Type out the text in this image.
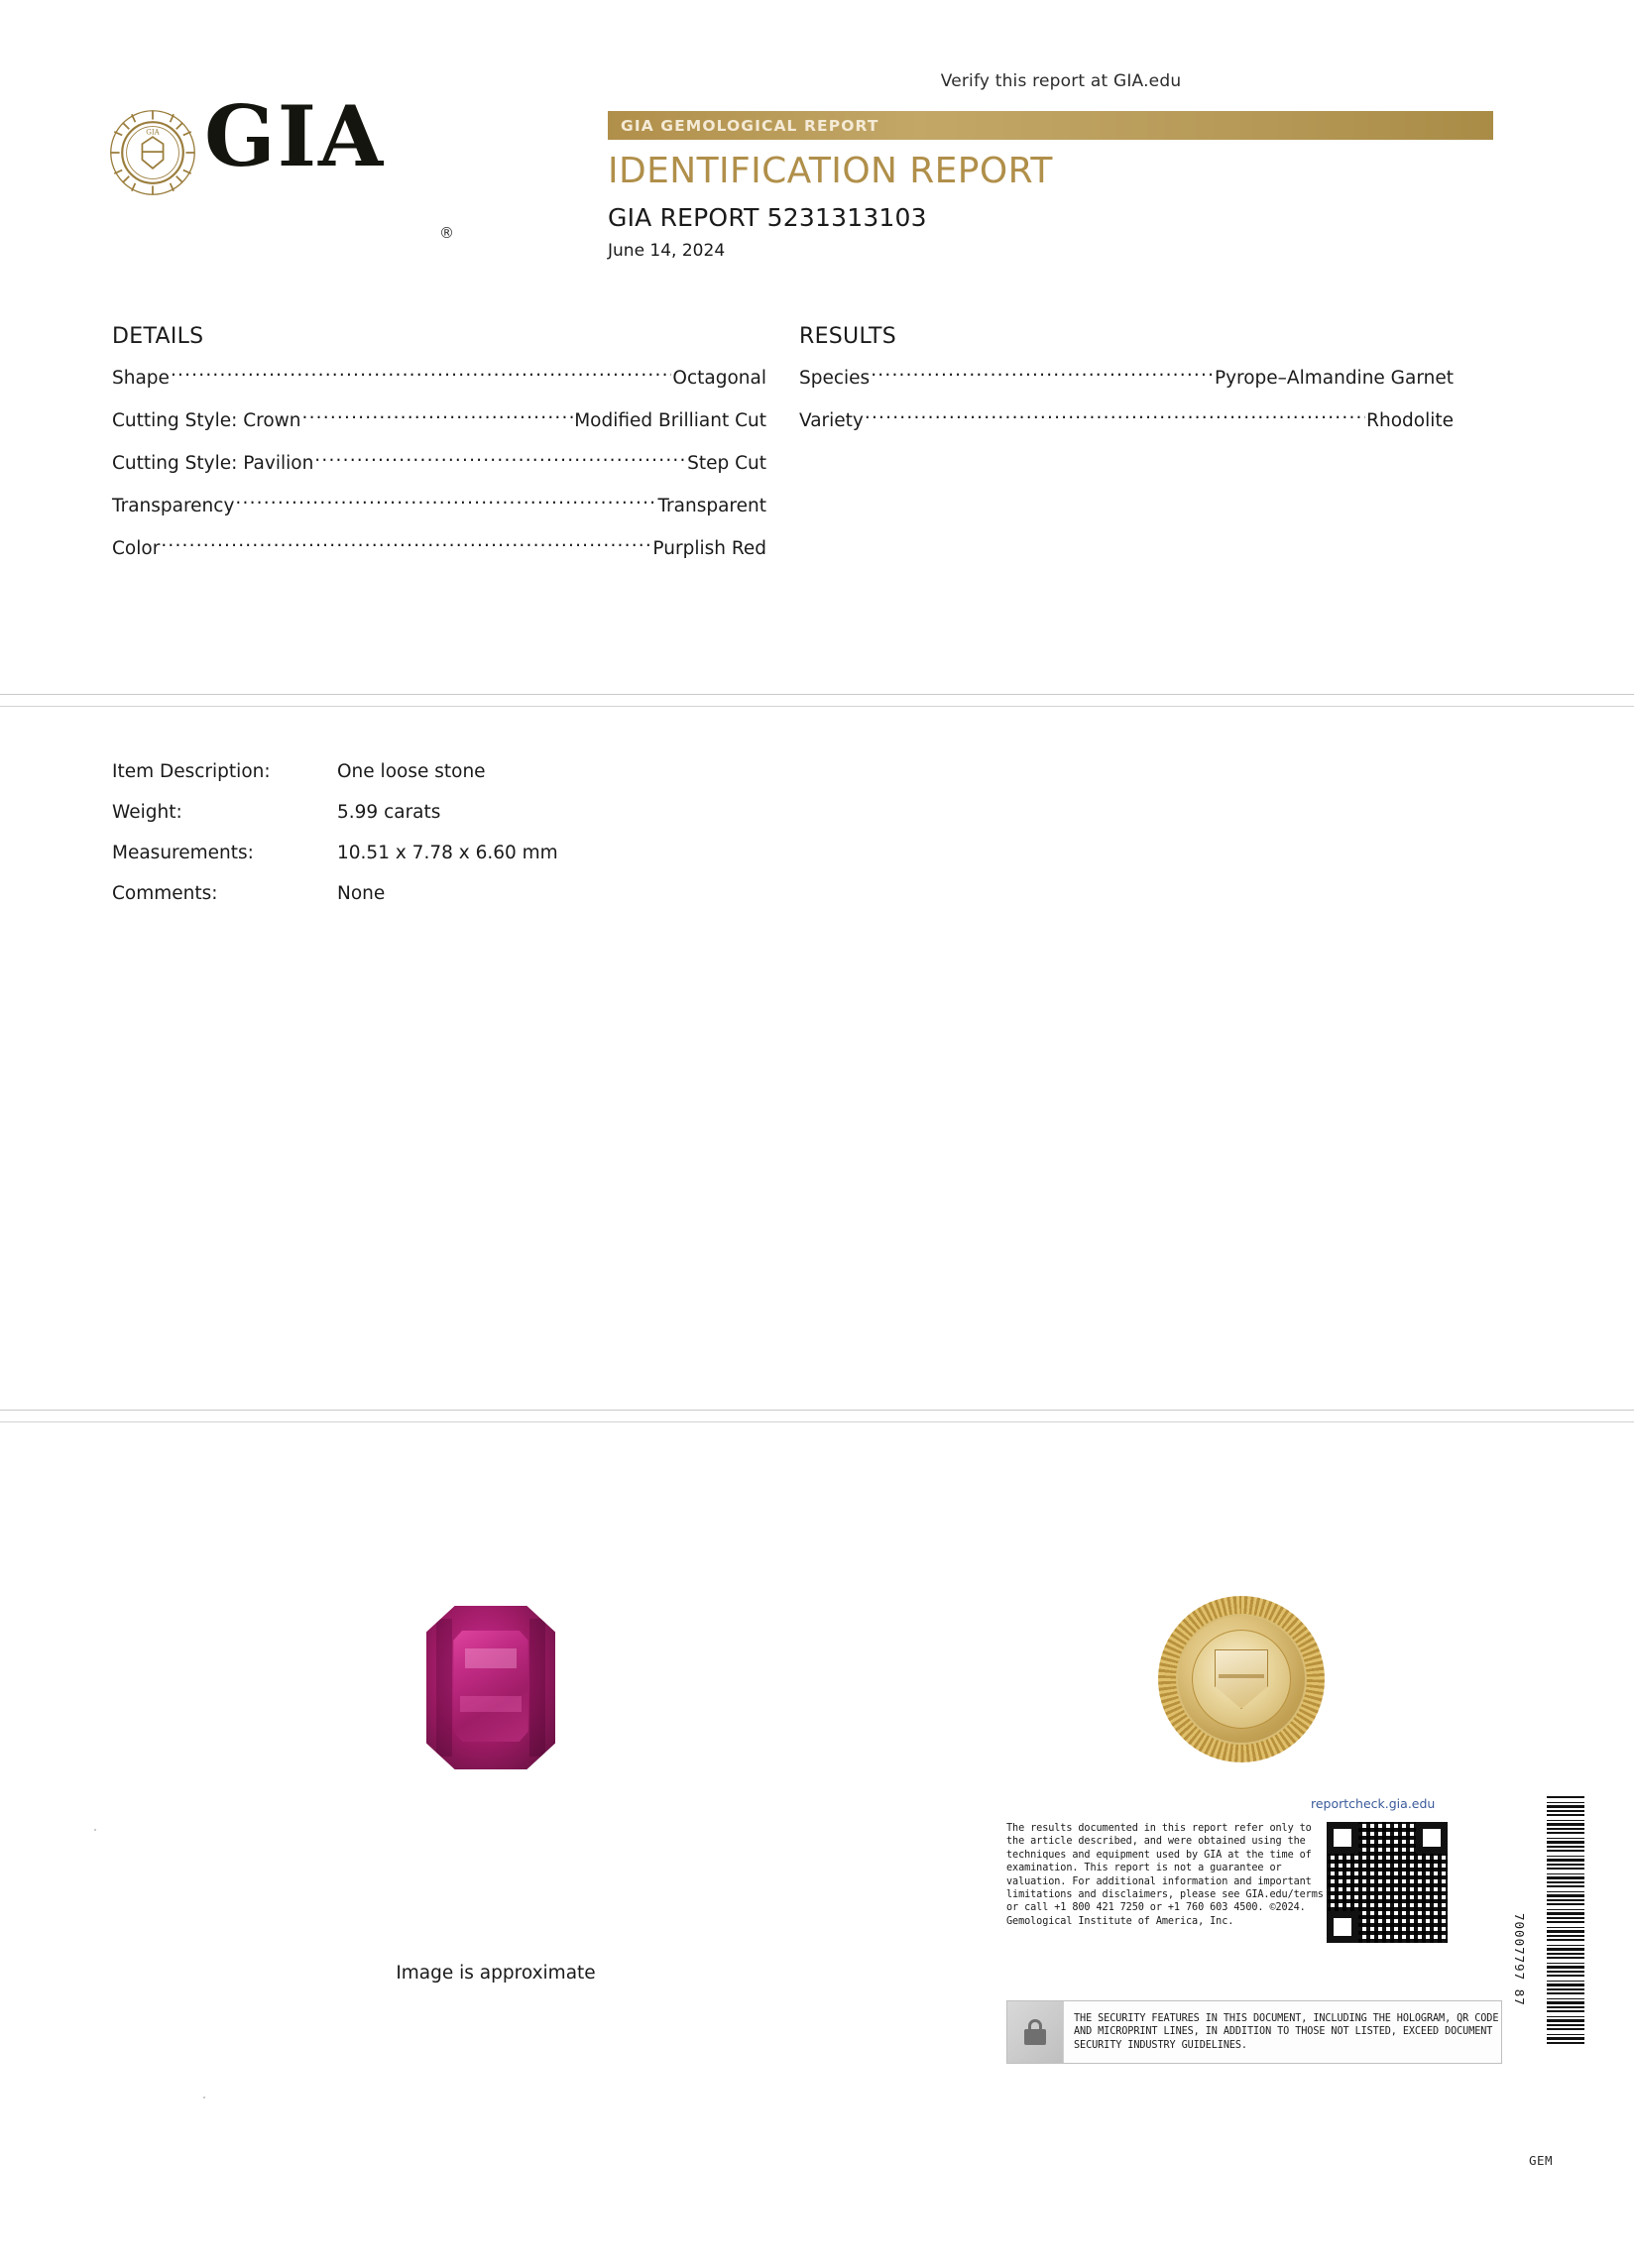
Verify this report at GIA.edu
GIA GIA
®
GIA GEMOLOGICAL REPORT
IDENTIFICATION REPORT
GIA REPORT 5231313103
June 14, 2024
DETAILS
Shape .....	Octagonal
Cutting Style: Crown .....	Modified Brilliant Cut
Cutting Style: Pavilion .....	Step Cut
Transparency .....	Transparent
Color .....	Purplish Red
RESULTS
Species .....	Pyrope–Almandine Garnet
Variety .....	Rhodolite
Item Description:	One loose stone
Weight:	5.99 carats
Measurements:	10.51 x 7.78 x 6.60 mm
Comments:	None
Image is approximate
The results documented in this report refer only to the article described, and were obtained using the techniques and equipment used by GIA at the time of examination. This report is not a guarantee or valuation. For additional information and important limitations and disclaimers, please see GIA.edu/terms or call +1 800 421 7250 or +1 760 603 4500. ©2024. Gemological Institute of America, Inc.
reportcheck.gia.edu
THE SECURITY FEATURES IN THIS DOCUMENT, INCLUDING THE HOLOGRAM, QR CODE AND MICROPRINT LINES, IN ADDITION TO THOSE NOT LISTED, EXCEED DOCUMENT SECURITY INDUSTRY GUIDELINES.
70007797 87
GEM
